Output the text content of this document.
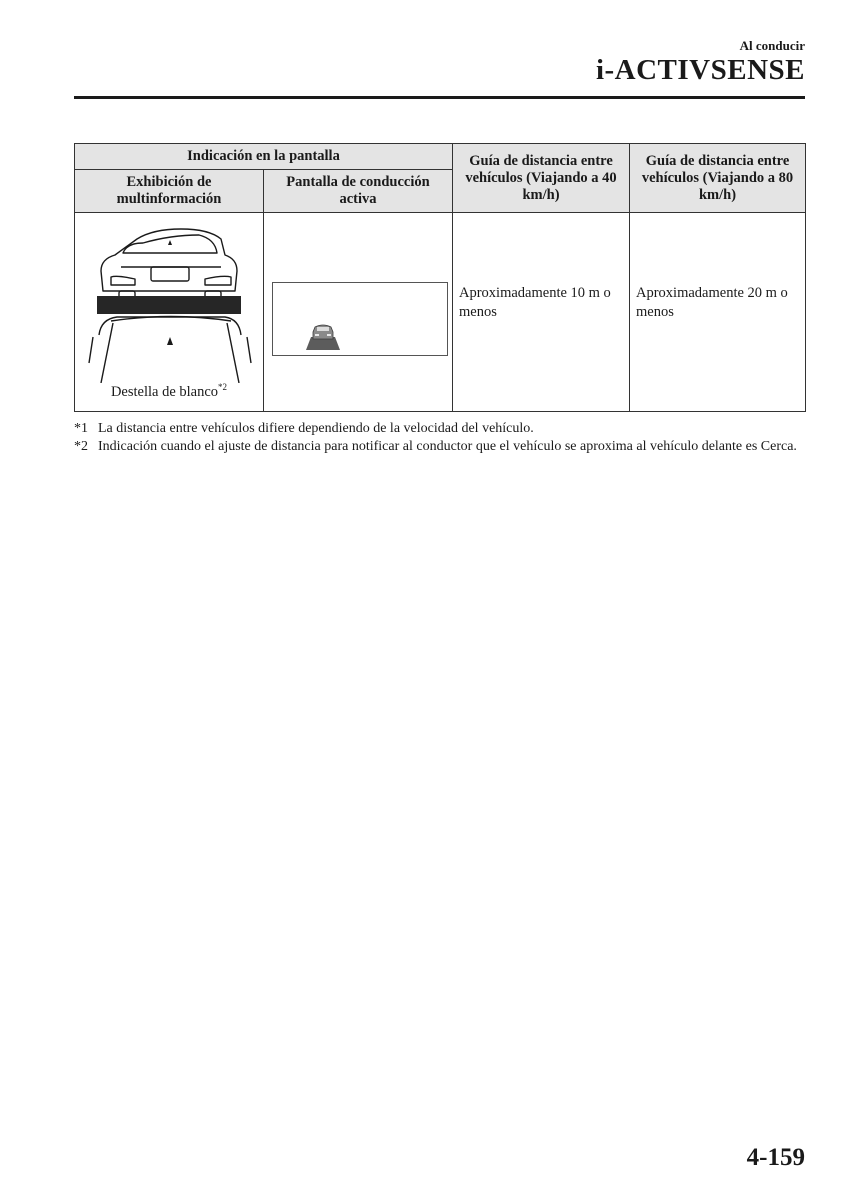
Al conducir
i-ACTIVSENSE
Indicación en la pantalla		Guía de distancia entre vehículos (Viajando a 40 km/h)	Guía de distancia entre vehículos (Viajando a 80 km/h)
Exhibición de multinformación	Pantalla de conducción activa		

Destella de blanco$^{*2}$		Aproximadamente 10 m o menos	Aproximadamente 20 m o menos
*1 La distancia entre vehículos difiere dependiendo de la velocidad del vehículo.
*2 Indicación cuando el ajuste de distancia para notificar al conductor que el vehículo se aproxima al vehículo delante es Cerca.
4-159
